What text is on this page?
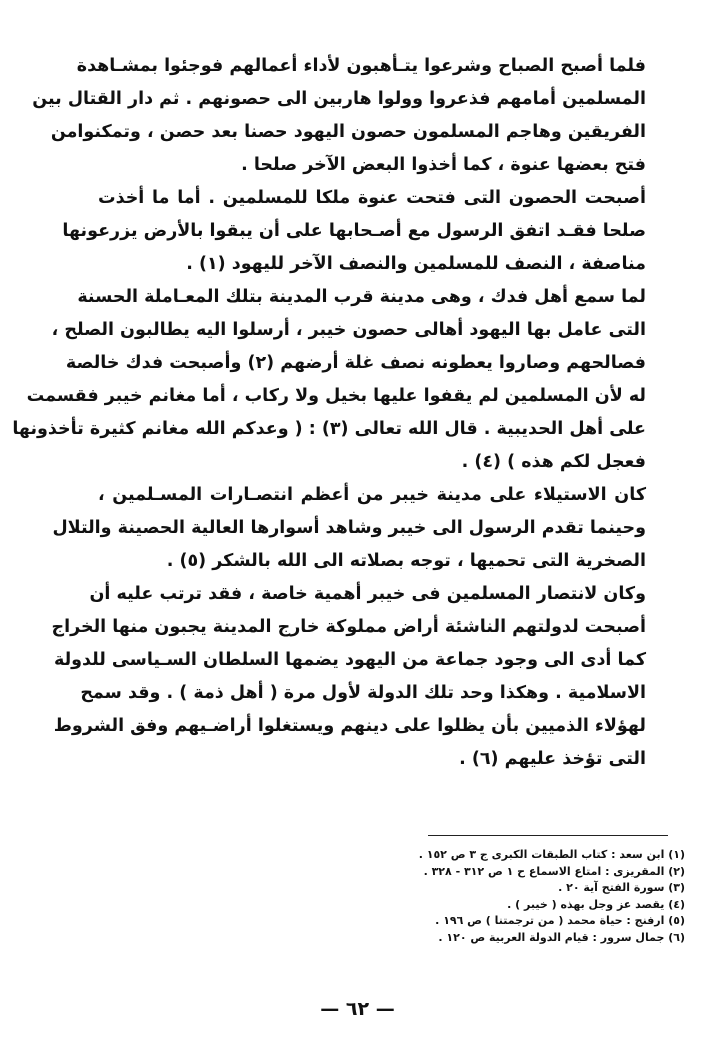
فلما أصبح الصباح وشرعوا يتـأهبون لأداء أعمالهم فوجئوا بمشـاهدة
المسلمين أمامهم فذعروا وولوا هاربين الى حصونهم . ثم دار القتال بين
الفريقين وهاجم المسلمون حصون اليهود حصنا بعد حصن ، وتمكنوامن
فتح بعضها عنوة ، كما أخذوا البعض الآخر صلحا .
أصبحت الحصون التى فتحت عنوة ملكا للمسلمين . أما ما أخذت
صلحا فقـد اتفق الرسول مع أصـحابها على أن يبقوا بالأرض يزرعونها
مناصفة ، النصف للمسلمين والنصف الآخر لليهود (١) .
لما سمع أهل فدك ، وهى مدينة قرب المدينة بتلك المعـاملة الحسنة
التى عامل بها اليهود أهالى حصون خيبر ، أرسلوا اليه يطالبون الصلح ،
فصالحهم وصاروا يعطونه نصف غلة أرضهم (٢) وأصبحت فدك خالصة
له لأن المسلمين لم يقفوا عليها بخيل ولا ركاب ، أما مغانم خيبر فقسمت
على أهل الحديبية . قال الله تعالى (٣) : ( وعدكم الله مغانم كثيرة تأخذونها
فعجل لكم هذه ) (٤) .
كان الاستيلاء على مدينة خيبر من أعظم انتصـارات المسـلمين ،
وحينما تقدم الرسول الى خيبر وشاهد أسوارها العالية الحصينة والتلال
الصخرية التى تحميها ، توجه بصلاته الى الله بالشكر (٥) .
وكان لانتصار المسلمين فى خيبر أهمية خاصة ، فقد ترتب عليه أن
أصبحت لدولتهم الناشئة أراض مملوكة خارج المدينة يجبون منها الخراج
كما أدى الى وجود جماعة من اليهود يضمها السلطان السـياسى للدولة
الاسلامية . وهكذا وحد تلك الدولة لأول مرة ( أهل ذمة ) . وقد سمح
لهؤلاء الذميين بأن يظلوا على دينهم ويستغلوا أراضـيهم وفق الشروط
التى تؤخذ عليهم (٦) .
(١) ابن سعد : كتاب الطبقات الكبرى ج ٣ ص ١٥٢ .
(٢) المقريزى : امتاع الاسماع ح ١ ص ٣١٢ - ٣٢٨ .
(٣) سورة الفتح آية ٢٠ .
(٤) يقصد عز وجل بهذه ( خيبر ) .
(٥) ارفنج : حياة محمد ( من ترجمتنا ) ص ١٩٦ .
(٦) جمال سرور : قيام الدولة العربية ص ١٢٠ .
— ٦٢ —
